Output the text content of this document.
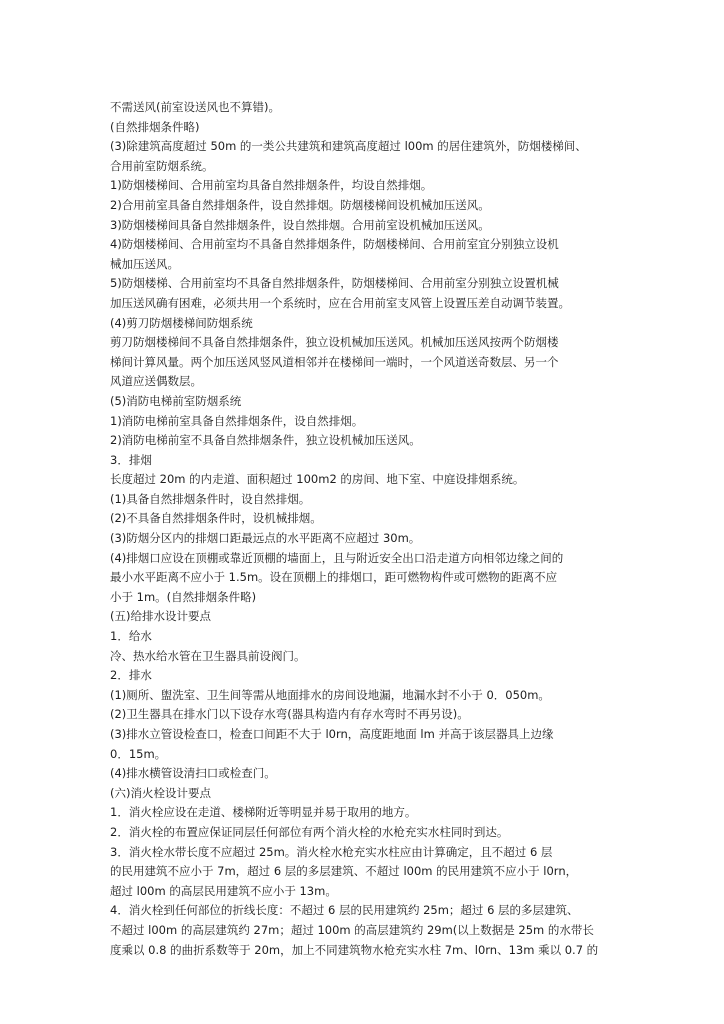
不需送风(前室设送风也不算错)。
(自然排烟条件略)
(3)除建筑高度超过 50m 的一类公共建筑和建筑高度超过 l00m 的居住建筑外，防烟楼梯间、
合用前室防烟系统。
1)防烟楼梯间、合用前室均具备自然排烟条件，均设自然排烟。
2)合用前室具备自然排烟条件，设自然排烟。防烟楼梯间设机械加压送风。
3)防烟楼梯间具备自然排烟条件，设自然排烟。合用前室设机械加压送风。
4)防烟楼梯间、合用前室均不具备自然排烟条件，防烟楼梯间、合用前室宜分别独立设机
械加压送风。
5)防烟楼梯、合用前室均不具备自然排烟条件，防烟楼梯间、合用前室分别独立设置机械
加压送风确有困难，必须共用一个系统时，应在合用前室支风管上设置压差自动调节装置。
(4)剪刀防烟楼梯间防烟系统
剪刀防烟楼梯间不具备自然排烟条件，独立设机械加压送风。机械加压送风按两个防烟楼
梯间计算风量。两个加压送风竖风道相邻并在楼梯间一端时，一个风道送奇数层、另一个
风道应送偶数层。
(5)消防电梯前室防烟系统
1)消防电梯前室具备自然排烟条件，设自然排烟。
2)消防电梯前室不具备自然排烟条件，独立设机械加压送风。
3．排烟
长度超过 20m 的内走道、面积超过 100m2 的房间、地下室、中庭设排烟系统。
(1)具备自然排烟条件时，设自然排烟。
(2)不具备自然排烟条件时，设机械排烟。
(3)防烟分区内的排烟口距最远点的水平距离不应超过 30m。
(4)排烟口应设在顶棚或靠近顶棚的墙面上，且与附近安全出口沿走道方向相邻边缘之间的
最小水平距离不应小于 1.5m。设在顶棚上的排烟口，距可燃物构件或可燃物的距离不应
小于 1m。(自然排烟条件略)
(五)给排水设计要点
1．给水
冷、热水给水管在卫生器具前设阀门。
2．排水
(1)厕所、盥洗室、卫生间等需从地面排水的房间设地漏，地漏水封不小于 0．050m。
(2)卫生器具在排水门以下设存水弯(器具构造内有存水弯时不再另设)。
(3)排水立管设检查口，检查口间距不大于 l0rn，高度距地面 lm 并高于该层器具上边缘
0．15m。
(4)排水横管设清扫口或检查门。
(六)消火栓设计要点
1．消火栓应设在走道、楼梯附近等明显并易于取用的地方。
2．消火栓的布置应保证同层任何部位有两个消火栓的水枪充实水柱同时到达。
3．消火栓水带长度不应超过 25m。消火栓水枪充实水柱应由计算确定，且不超过 6 层
的民用建筑不应小于 7m，超过 6 层的多层建筑、不超过 l00m 的民用建筑不应小于 l0rn，
超过 l00m 的高层民用建筑不应小于 13m。
4．消火栓到任何部位的折线长度：不超过 6 层的民用建筑约 25m；超过 6 层的多层建筑、
不超过 l00m 的高层建筑约 27m；超过 100m 的高层建筑约 29m(以上数据是 25m 的水带长
度乘以 0.8 的曲折系数等于 20m，加上不同建筑物水枪充实水柱 7m、l0rn、13m 乘以 0.7 的
